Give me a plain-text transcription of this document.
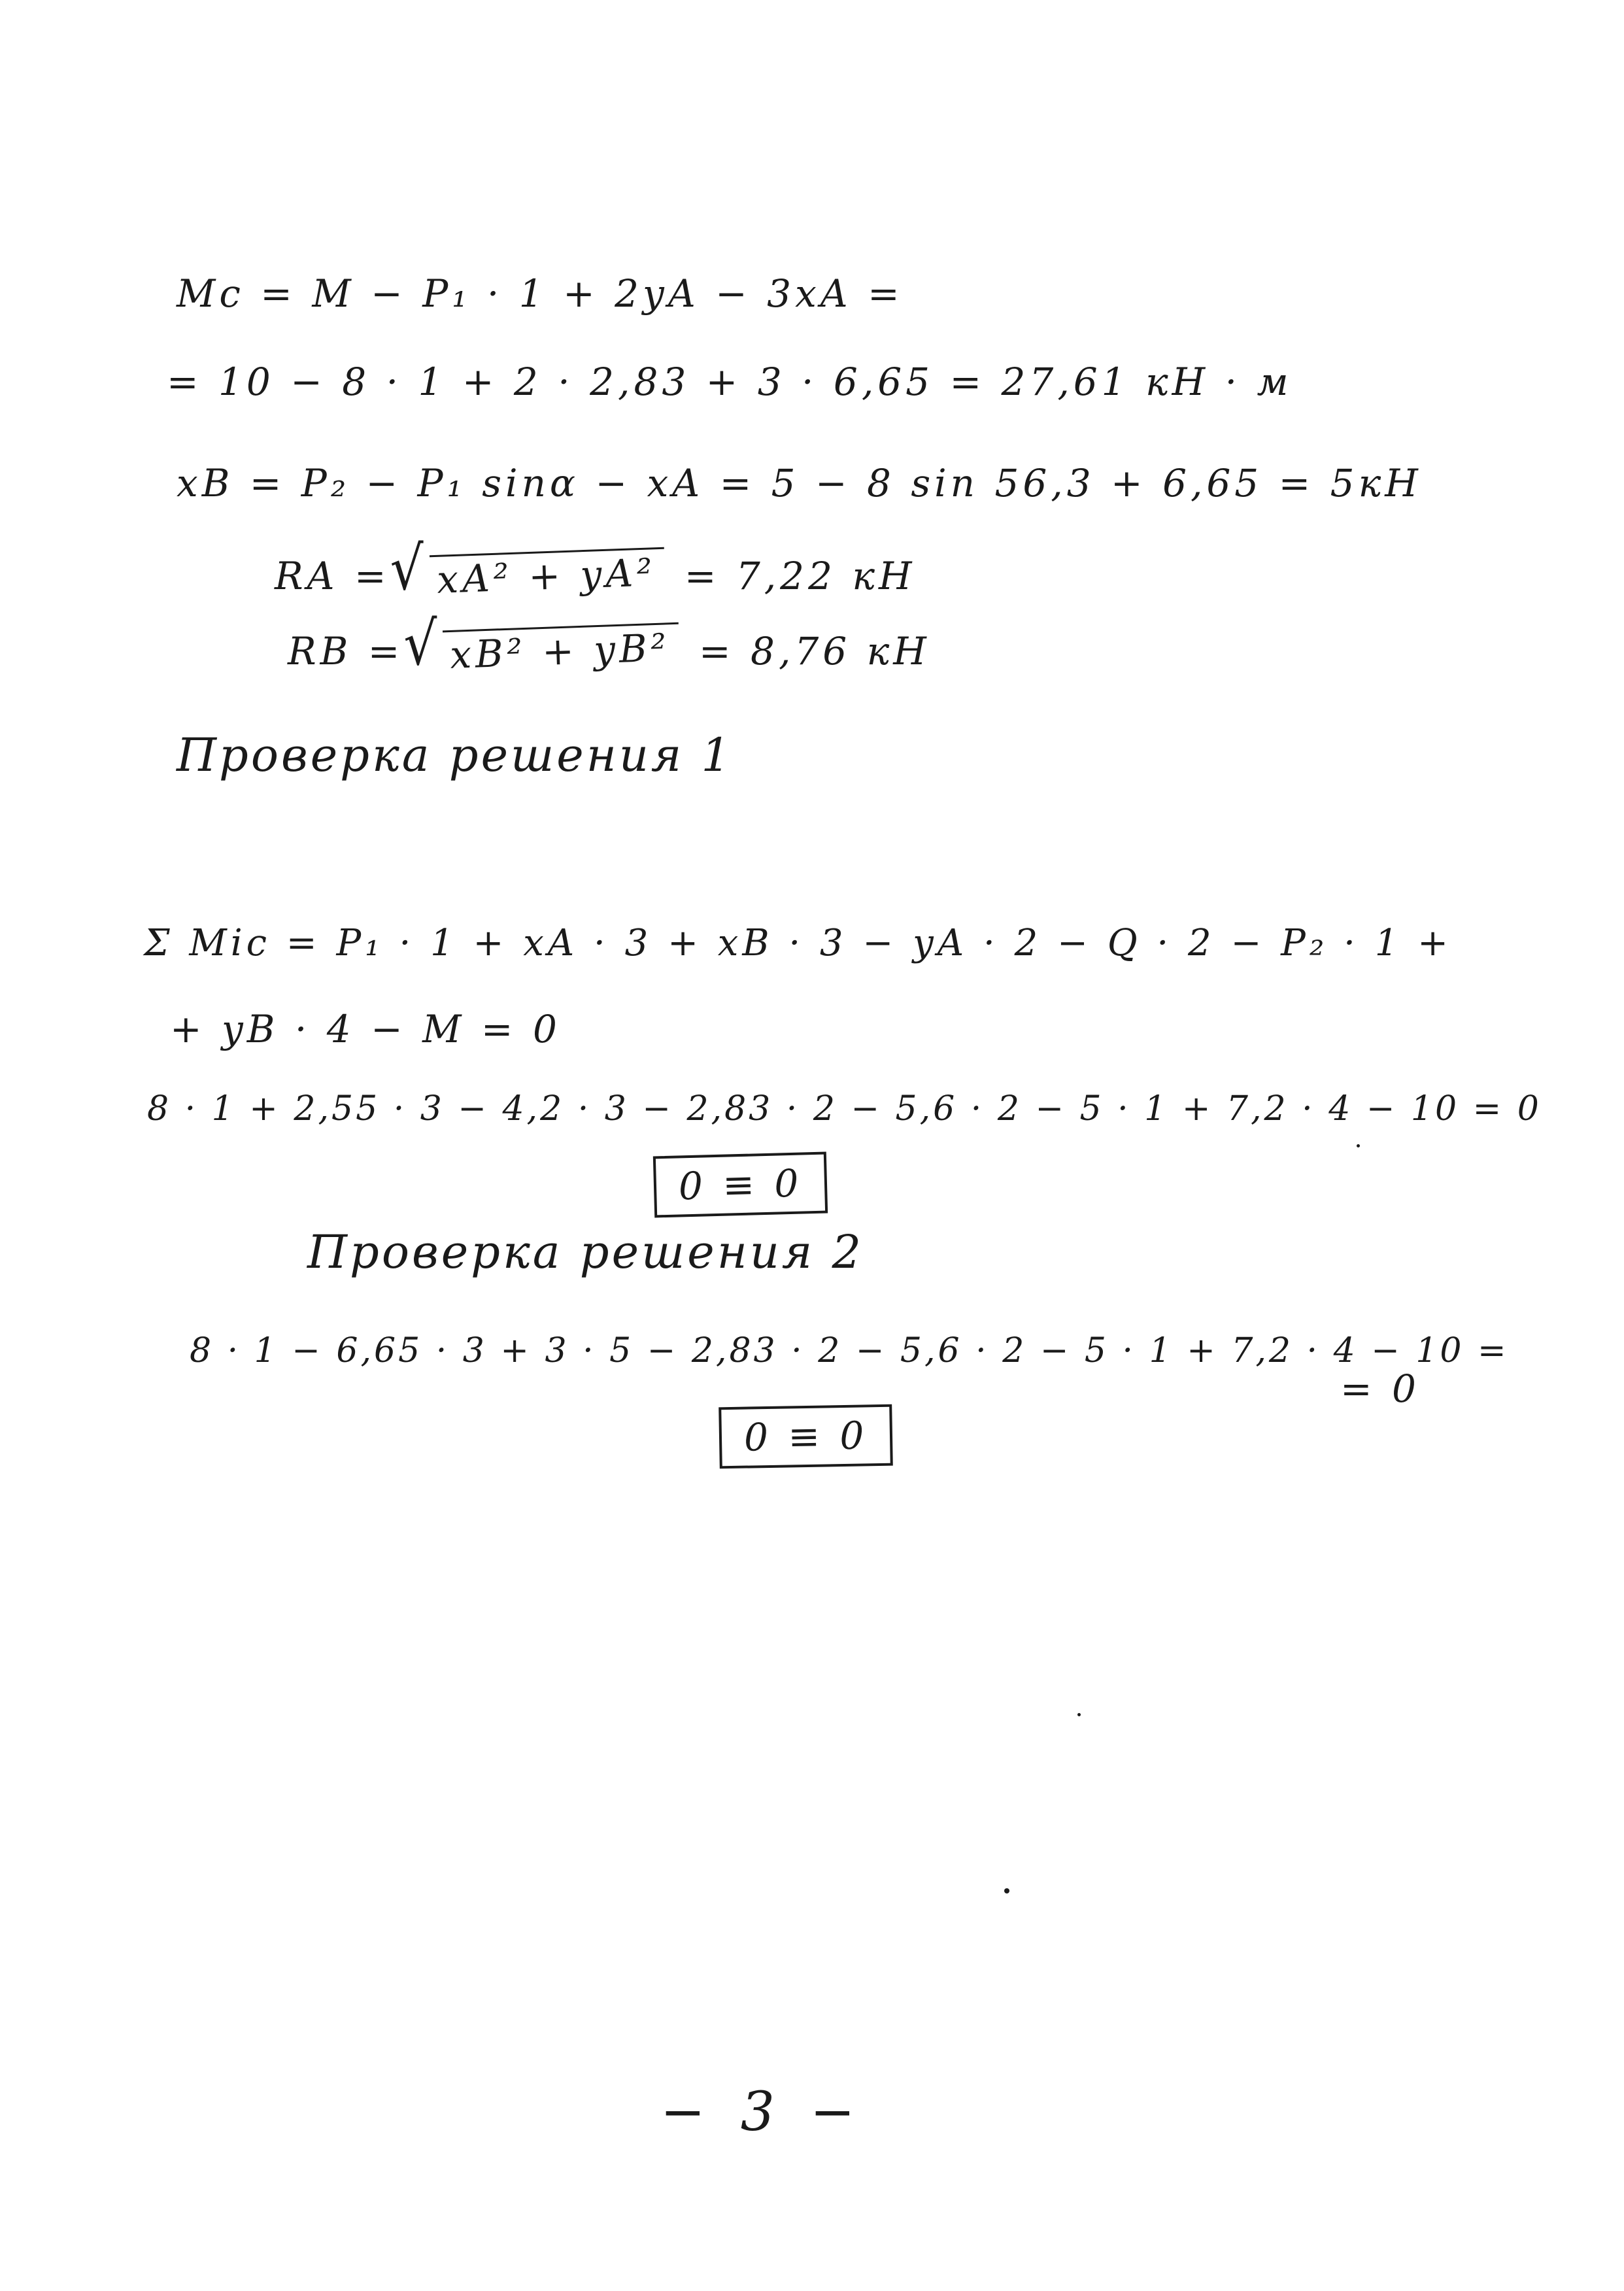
Mc = M − P₁ · 1 + 2yA − 3xA =
= 10 − 8 · 1 + 2 · 2,83 + 3 · 6,65 = 27,61 кН · м
xB = P₂ − P₁ sinα − xA = 5 − 8 sin 56,3 + 6,65 = 5кН
RA = √ xA² + yA² = 7,22 кН
RB = √ xB² + yB² = 8,76 кН
Проверка решения 1
Σ Mic = P₁ · 1 + xA · 3 + xB · 3 − yA · 2 − Q · 2 − P₂ · 1 +
+ yB · 4 − M = 0
8 · 1 + 2,55 · 3 − 4,2 · 3 − 2,83 · 2 − 5,6 · 2 − 5 · 1 + 7,2 · 4 − 10 = 0
0 ≡ 0
Проверка решения 2
8 · 1 − 6,65 · 3 + 3 · 5 − 2,83 · 2 − 5,6 · 2 − 5 · 1 + 7,2 · 4 − 10 =
= 0
0 ≡ 0
− 3 −
